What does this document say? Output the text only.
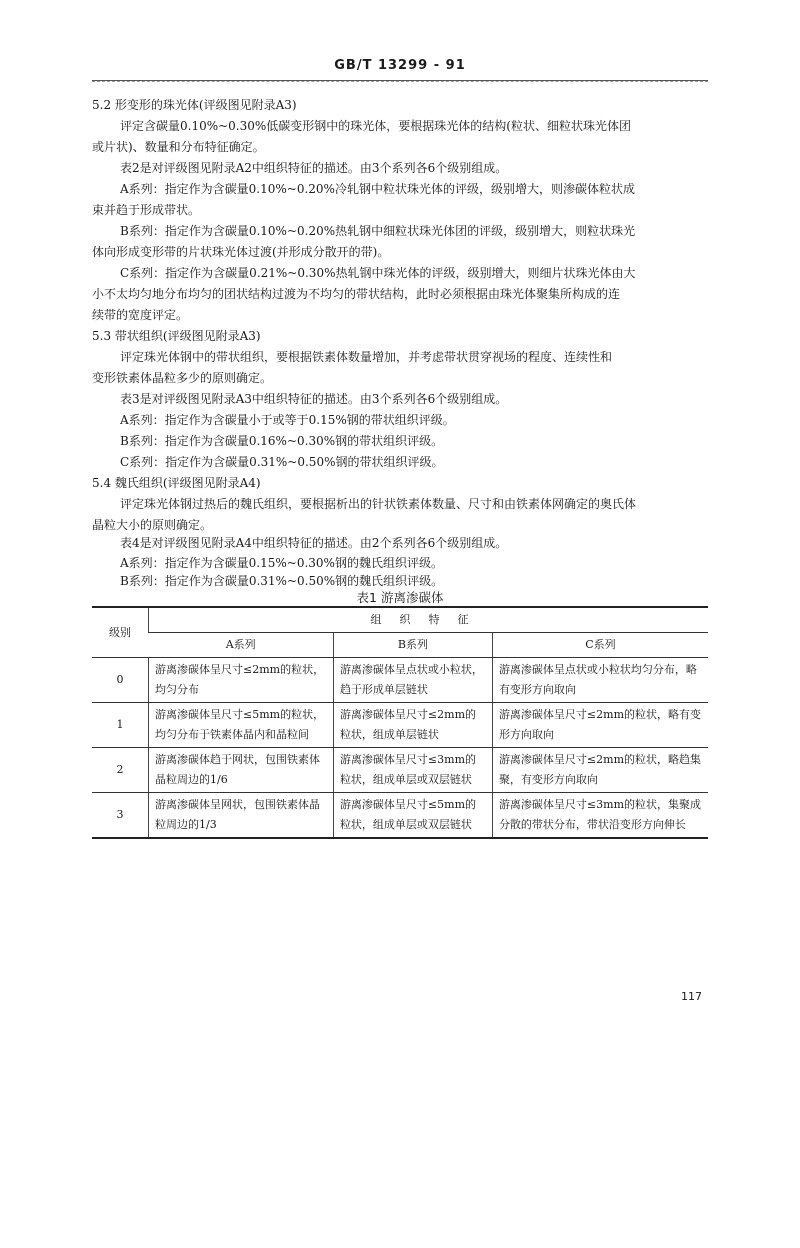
GB/T 13299 - 91
5.2 形变形的珠光体(评级图见附录A3)
评定含碳量0.10%~0.30%低碳变形钢中的珠光体，要根据珠光体的结构(粒状、细粒状珠光体团
或片状)、数量和分布特征确定。
表2是对评级图见附录A2中组织特征的描述。由3个系列各6个级别组成。
A系列：指定作为含碳量0.10%~0.20%冷轧钢中粒状珠光体的评级，级别增大，则渗碳体粒状成
束并趋于形成带状。
B系列：指定作为含碳量0.10%~0.20%热轧钢中细粒状珠光体团的评级，级别增大，则粒状珠光
体向形成变形带的片状珠光体过渡(并形成分散开的带)。
C系列：指定作为含碳量0.21%~0.30%热轧钢中珠光体的评级，级别增大，则细片状珠光体由大
小不太均匀地分布均匀的团状结构过渡为不均匀的带状结构，此时必须根据由珠光体聚集所构成的连
续带的宽度评定。
5.3 带状组织(评级图见附录A3)
评定珠光体钢中的带状组织，要根据铁素体数量增加，并考虑带状贯穿视场的程度、连续性和
变形铁素体晶粒多少的原则确定。
表3是对评级图见附录A3中组织特征的描述。由3个系列各6个级别组成。
A系列：指定作为含碳量小于或等于0.15%钢的带状组织评级。
B系列：指定作为含碳量0.16%~0.30%钢的带状组织评级。
C系列：指定作为含碳量0.31%~0.50%钢的带状组织评级。
5.4 魏氏组织(评级图见附录A4)
评定珠光体钢过热后的魏氏组织，要根据析出的针状铁素体数量、尺寸和由铁素体网确定的奥氏体
晶粒大小的原则确定。
表4是对评级图见附录A4中组织特征的描述。由2个系列各6个级别组成。
A系列：指定作为含碳量0.15%~0.30%钢的魏氏组织评级。
B系列：指定作为含碳量0.31%~0.50%钢的魏氏组织评级。
表1 游离渗碳体
级别	组织特征		
	A系列	B系列	C系列
0	游离渗碳体呈尺寸≤2mm的粒状，均匀分布	游离渗碳体呈点状或小粒状，趋于形成单层链状	游离渗碳体呈点状或小粒状均匀分布，略有变形方向取向
1	游离渗碳体呈尺寸≤5mm的粒状，均匀分布于铁素体晶内和晶粒间	游离渗碳体呈尺寸≤2mm的粒状，组成单层链状	游离渗碳体呈尺寸≤2mm的粒状，略有变形方向取向
2	游离渗碳体趋于网状，包围铁素体晶粒周边的1/6	游离渗碳体呈尺寸≤3mm的粒状，组成单层或双层链状	游离渗碳体呈尺寸≤2mm的粒状，略趋集聚，有变形方向取向
3	游离渗碳体呈网状，包围铁素体晶粒周边的1/3	游离渗碳体呈尺寸≤5mm的粒状，组成单层或双层链状	游离渗碳体呈尺寸≤3mm的粒状，集聚成分散的带状分布，带状沿变形方向伸长
117
